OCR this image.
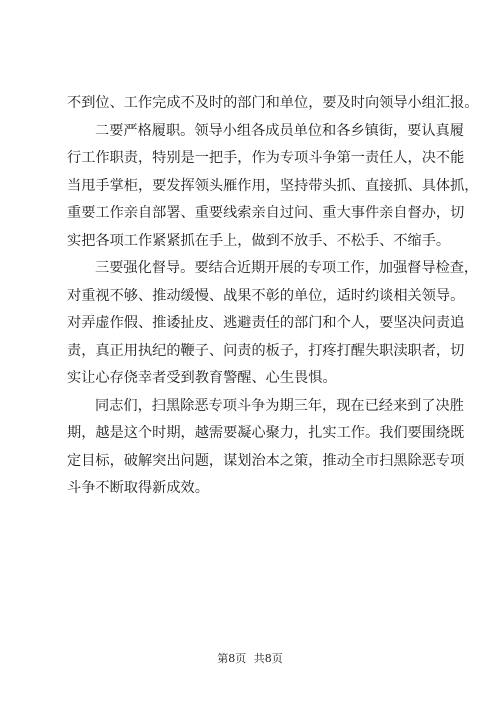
不到位、工作完成不及时的部门和单位，要及时向领导小组汇报。
二要严格履职。领导小组各成员单位和各乡镇街，要认真履
行工作职责，特别是一把手，作为专项斗争第一责任人，决不能
当甩手掌柜，要发挥领头雁作用，坚持带头抓、直接抓、具体抓，
重要工作亲自部署、重要线索亲自过问、重大事件亲自督办，切
实把各项工作紧紧抓在手上，做到不放手、不松手、不缩手。
三要强化督导。要结合近期开展的专项工作，加强督导检查，
对重视不够、推动缓慢、战果不彰的单位，适时约谈相关领导。
对弄虚作假、推诿扯皮、逃避责任的部门和个人，要坚决问责追
责，真正用执纪的鞭子、问责的板子，打疼打醒失职渎职者，切
实让心存侥幸者受到教育警醒、心生畏惧。
同志们，扫黑除恶专项斗争为期三年，现在已经来到了决胜
期，越是这个时期，越需要凝心聚力，扎实工作。我们要围绕既
定目标，破解突出问题，谋划治本之策，推动全市扫黑除恶专项
斗争不断取得新成效。
第8页 共8页
